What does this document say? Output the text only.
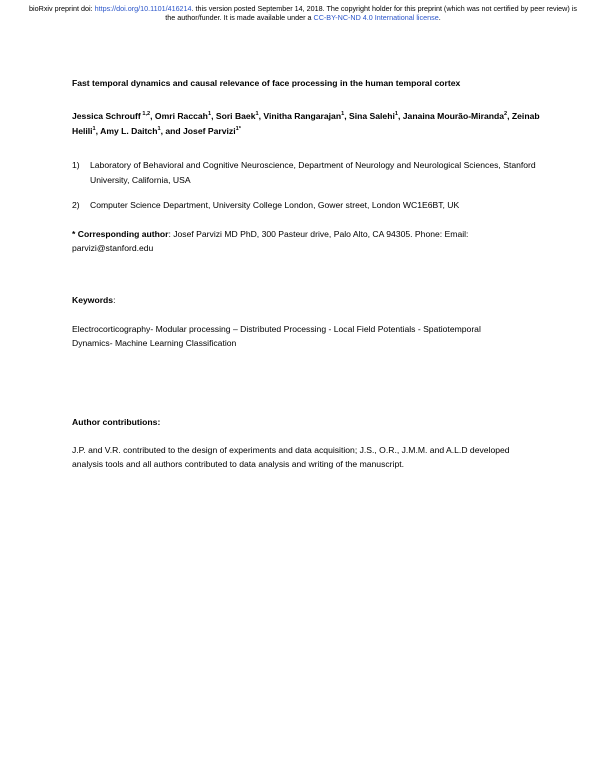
bioRxiv preprint doi: https://doi.org/10.1101/416214. this version posted September 14, 2018. The copyright holder for this preprint (which was not certified by peer review) is the author/funder. It is made available under a CC-BY-NC-ND 4.0 International license.
Fast temporal dynamics and causal relevance of face processing in the human temporal cortex
Jessica Schrouff $^{1,2}$, Omri Raccah$^1$, Sori Baek$^1$, Vinitha Rangarajan$^1$, Sina Salehi$^1$, Janaina Mourão-Miranda$^2$, Zeinab Helili$^1$, Amy L. Daitch$^1$, and Josef Parvizi$^{1*}$
1)	Laboratory of Behavioral and Cognitive Neuroscience, Department of Neurology and Neurological Sciences, Stanford University, California, USA
2)	Computer Science Department, University College London, Gower street, London WC1E6BT, UK
* Corresponding author: Josef Parvizi MD PhD, 300 Pasteur drive, Palo Alto, CA 94305. Phone: Email: parvizi@stanford.edu
Keywords:
Electrocorticography- Modular processing – Distributed Processing - Local Field Potentials - Spatiotemporal Dynamics- Machine Learning Classification
Author contributions:
J.P. and V.R. contributed to the design of experiments and data acquisition; J.S., O.R., J.M.M. and A.L.D developed analysis tools and all authors contributed to data analysis and writing of the manuscript.
